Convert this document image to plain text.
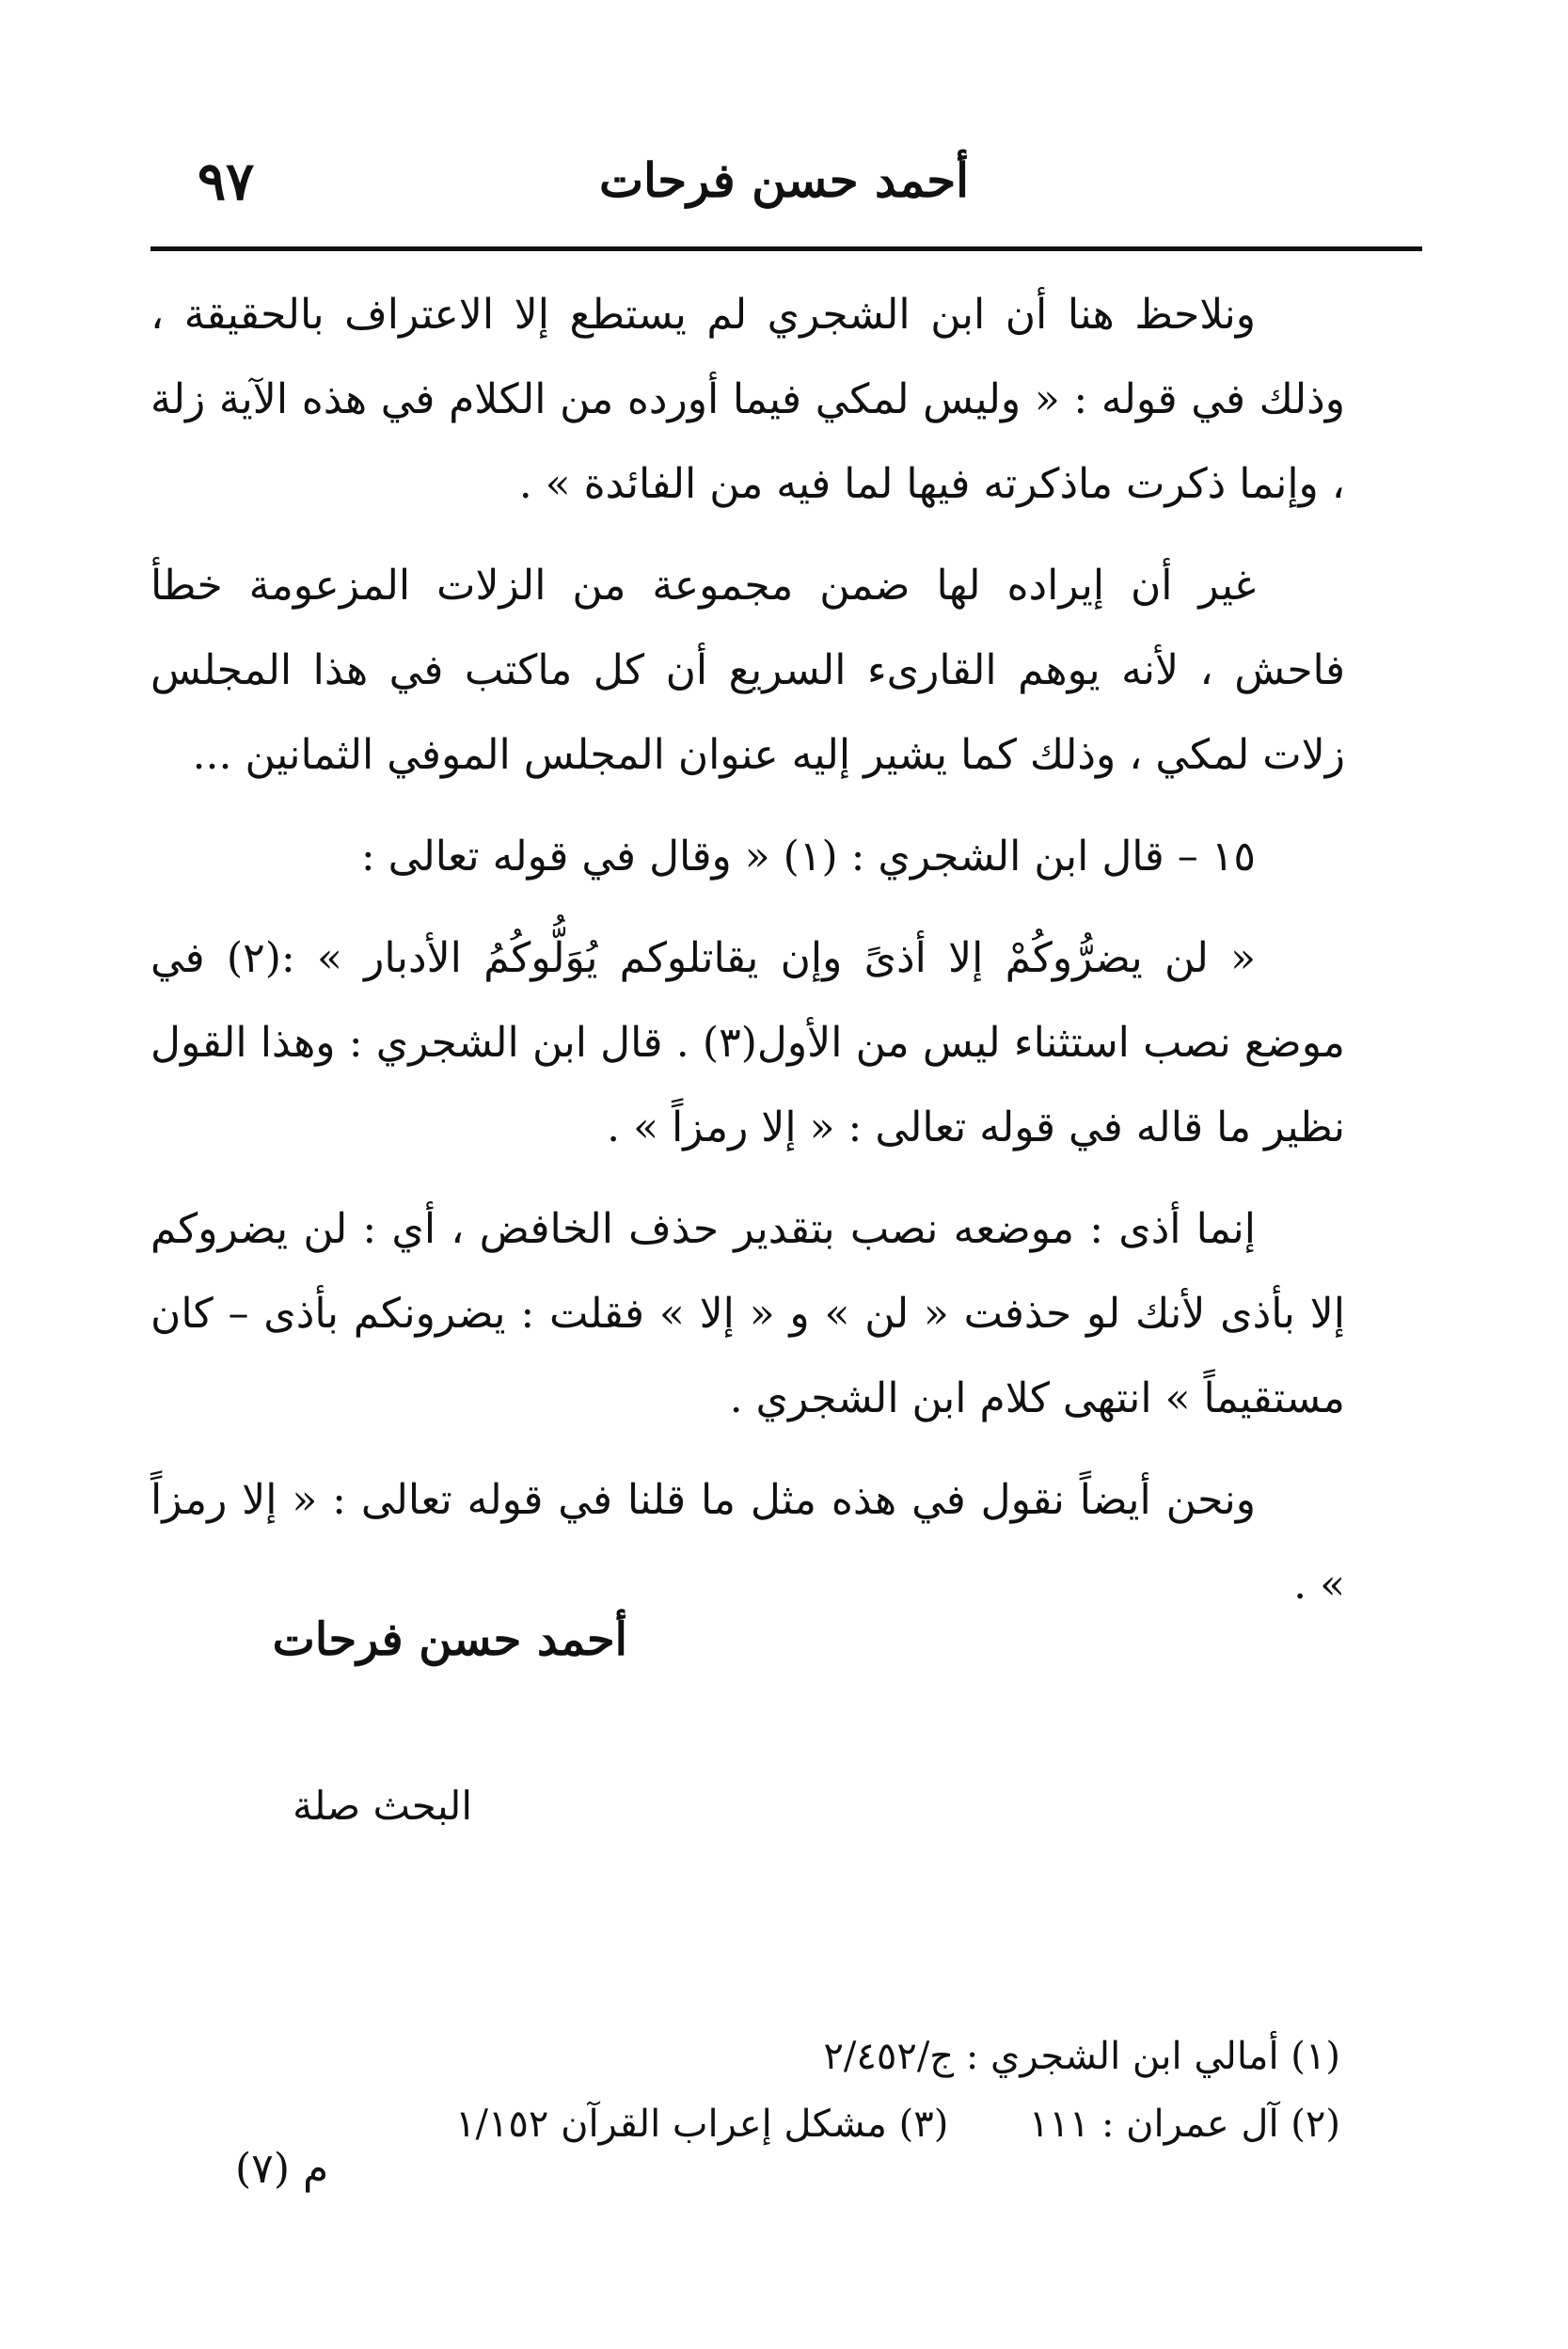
٩٧	أحمد حسن فرحات

ونلاحظ هنا أن ابن الشجري لم يستطع إلا الاعتراف بالحقيقة ، وذلك في قوله : « وليس لمكي فيما أورده من الكلام في هذه الآية زلة ، وإنما ذكرت ماذكرته فيها لما فيه من الفائدة » .

غير أن إيراده لها ضمن مجموعة من الزلات المزعومة خطأ فاحش ، لأنه يوهم القارىء السريع أن كل ماكتب في هذا المجلس زلات لمكي ، وذلك كما يشير إليه عنوان المجلس الموفي الثمانين ...

١٥ – قال ابن الشجري : (١) « وقال في قوله تعالى :

« لن يضرُّوكُمْ إلا أذىً وإن يقاتلوكم يُوَلُّوكُمُ الأدبار » :(٢) في موضع نصب استثناء ليس من الأول(٣) . قال ابن الشجري : وهذا القول نظير ما قاله في قوله تعالى : « إلا رمزاً » .

إنما أذى : موضعه نصب بتقدير حذف الخافض ، أي : لن يضروكم إلا بأذى لأنك لو حذفت « لن » و « إلا » فقلت : يضرونكم بأذى – كان مستقيماً » انتهى كلام ابن الشجري .

ونحن أيضاً نقول في هذه مثل ما قلنا في قوله تعالى : « إلا رمزاً » .

أحمد حسن فرحات
البحث صلة
(١) أمالي ابن الشجري : ج/٢/٤٥٢
(٢) آل عمران : ١١١  (٣) مشكل إعراب القرآن ١/١٥٢
م (٧)
